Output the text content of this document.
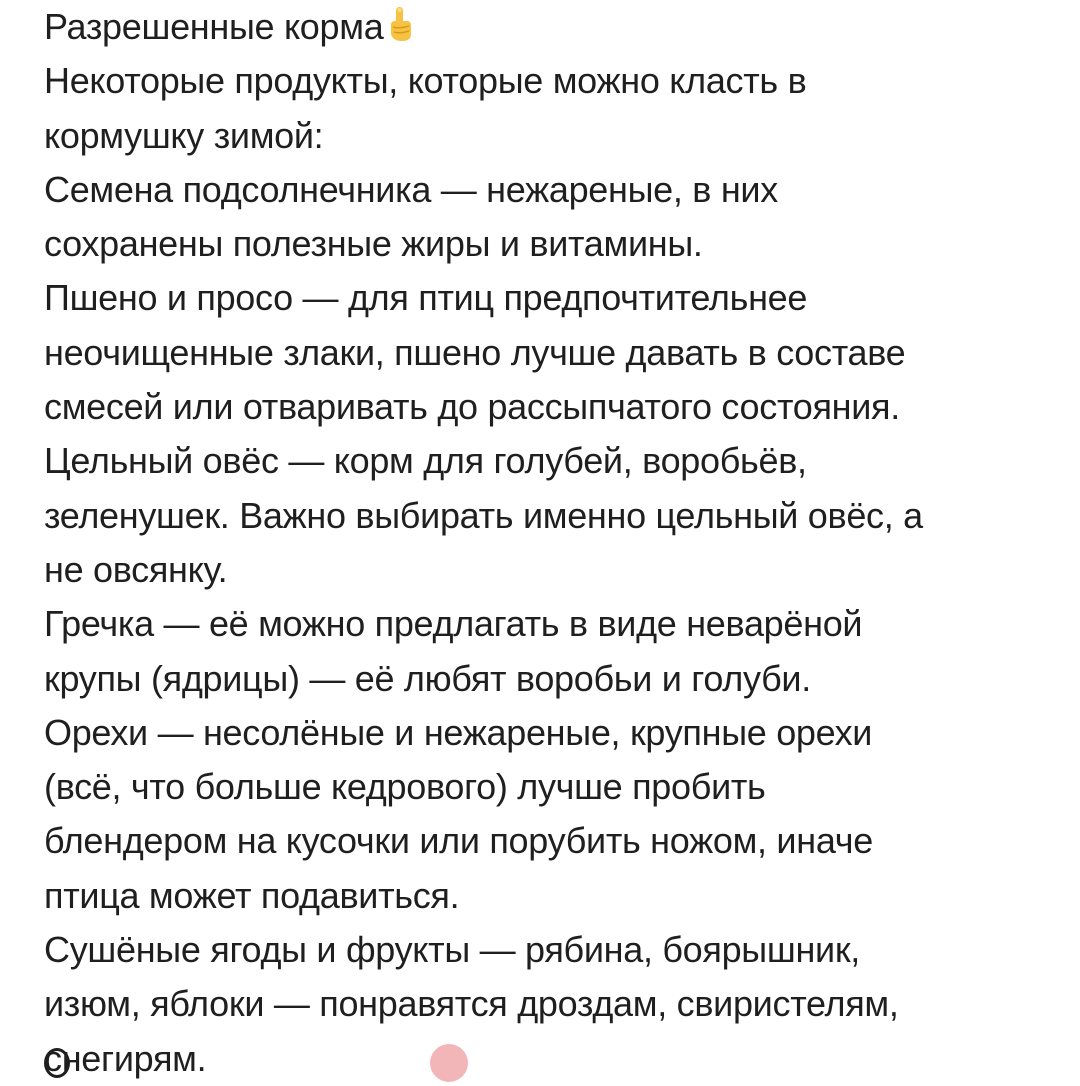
Разрешенные корма
Некоторые продукты, которые можно класть в
кормушку зимой:
Семена подсолнечника — нежареные, в них
сохранены полезные жиры и витамины.
Пшено и просо — для птиц предпочтительнее
неочищенные злаки, пшено лучше давать в составе
смесей или отваривать до рассыпчатого состояния.
Цельный овёс — корм для голубей, воробьёв,
зеленушек. Важно выбирать именно цельный овёс, а
не овсянку.
Гречка — её можно предлагать в виде неварёной
крупы (ядрицы) — её любят воробьи и голуби.
Орехи — несолёные и нежареные, крупные орехи
(всё, что больше кедрового) лучше пробить
блендером на кусочки или порубить ножом, иначе
птица может подавиться.
Сушёные ягоды и фрукты — рябина, боярышник,
изюм, яблоки — понравятся дроздам, свиристелям,
снегирям.
